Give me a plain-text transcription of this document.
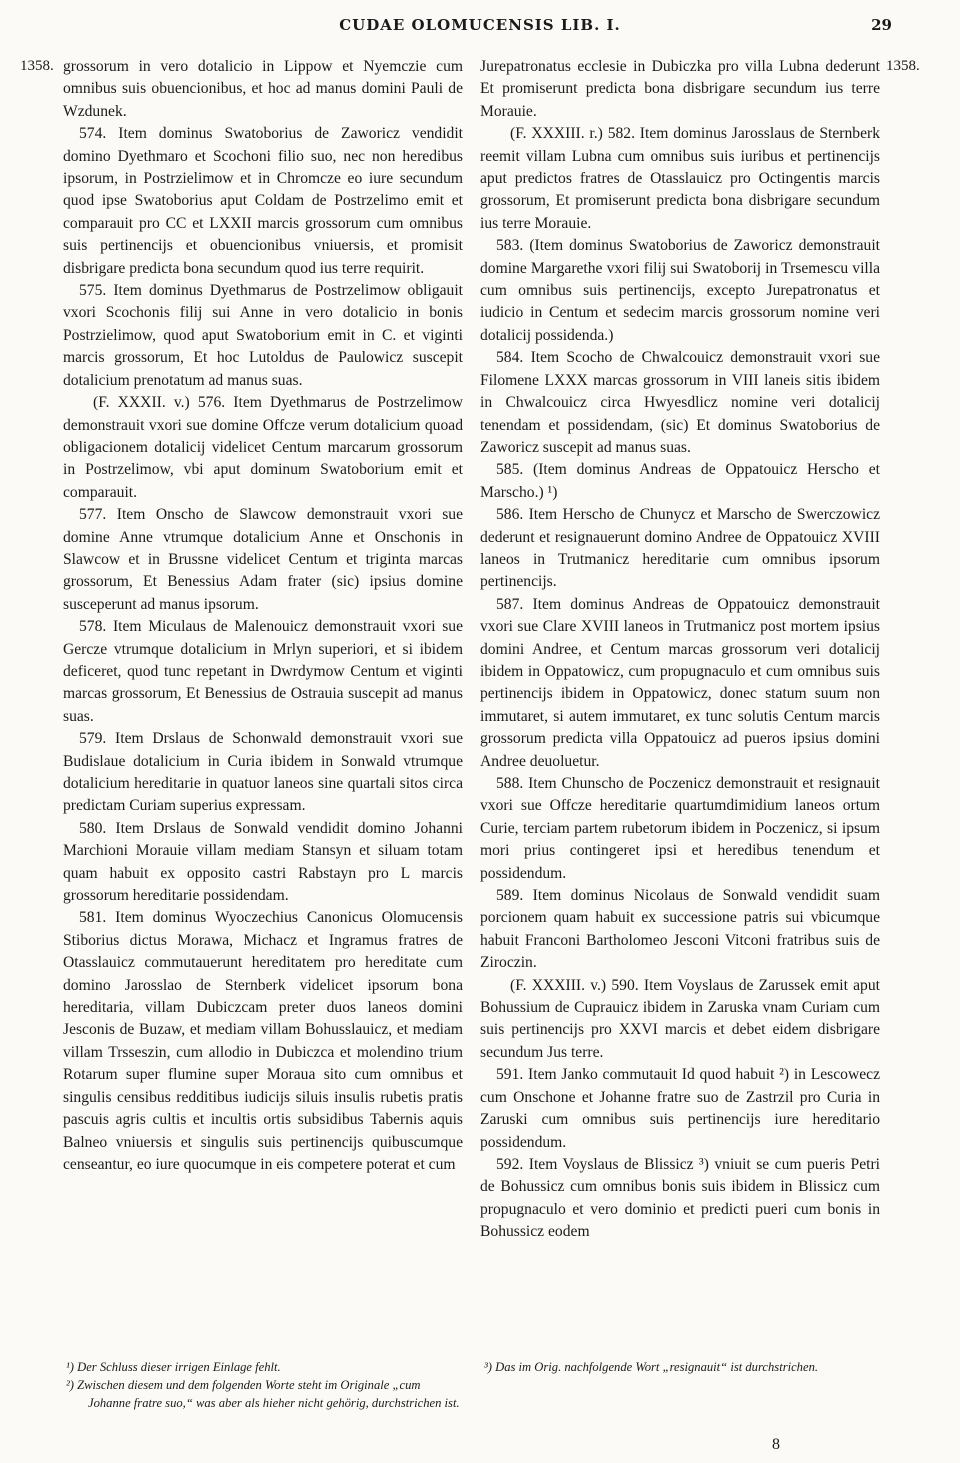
CUDAE OLOMUCENSIS LIB. I.	29
1358.	1358.

grossorum in vero dotalicio in Lippow et Nyemczie cum omnibus suis obuencionibus, et hoc ad manus domini Pauli de Wzdunek.

574. Item dominus Swatoborius de Zaworicz vendidit domino Dyethmaro et Scochoni filio suo, nec non heredibus ipsorum, in Postrzielimow et in Chromcze eo iure secundum quod ipse Swatoborius aput Coldam de Postrzelimo emit et comparauit pro CC et LXXII marcis grossorum cum omnibus suis pertinencijs et obuencionibus vniuersis, et promisit disbrigare predicta bona secundum quod ius terre requirit.

575. Item dominus Dyethmarus de Postrzelimow obligauit vxori Scochonis filij sui Anne in vero dotalicio in bonis Postrzielimow, quod aput Swatoborium emit in C. et viginti marcis grossorum, Et hoc Lutoldus de Paulowicz suscepit dotalicium prenotatum ad manus suas.

(F. XXXII. v.) 576. Item Dyethmarus de Postrzelimow demonstrauit vxori sue domine Offcze verum dotalicium quoad obligacionem dotalicij videlicet Centum marcarum grossorum in Postrzelimow, vbi aput dominum Swatoborium emit et comparauit.

577. Item Onscho de Slawcow demonstrauit vxori sue domine Anne vtrumque dotalicium Anne et Onschonis in Slawcow et in Brussne videlicet Centum et triginta marcas grossorum, Et Benessius Adam frater (sic) ipsius domine susceperunt ad manus ipsorum.

578. Item Miculaus de Malenouicz demonstrauit vxori sue Gercze vtrumque dotalicium in Mrlyn superiori, et si ibidem deficeret, quod tunc repetant in Dwrdymow Centum et viginti marcas grossorum, Et Benessius de Ostrauia suscepit ad manus suas.

579. Item Drslaus de Schonwald demonstrauit vxori sue Budislaue dotalicium in Curia ibidem in Sonwald vtrumque dotalicium hereditarie in quatuor laneos sine quartali sitos circa predictam Curiam superius expressam.

580. Item Drslaus de Sonwald vendidit domino Johanni Marchioni Morauie villam mediam Stansyn et siluam totam quam habuit ex opposito castri Rabstayn pro L marcis grossorum hereditarie possidendam.

581. Item dominus Wyoczechius Canonicus Olomucensis Stiborius dictus Morawa, Michacz et Ingramus fratres de Otasslauicz commutauerunt hereditatem pro hereditate cum domino Jarosslao de Sternberk videlicet ipsorum bona hereditaria, villam Dubiczcam preter duos laneos domini Jesconis de Buzaw, et mediam villam Bohusslauicz, et mediam villam Trsseszin, cum allodio in Dubiczca et molendino trium Rotarum super flumine super Moraua sito cum omnibus et singulis censibus redditibus iudicijs siluis insulis rubetis pratis pascuis agris cultis et incultis ortis subsidibus Tabernis aquis Balneo vniuersis et singulis suis pertinencijs quibuscumque censeantur, eo iure quocumque in eis competere poterat et cum

Jurepatronatus ecclesie in Dubiczka pro villa Lubna dederunt Et promiserunt predicta bona disbrigare secundum ius terre Morauie.

(F. XXXIII. r.) 582. Item dominus Jarosslaus de Sternberk reemit villam Lubna cum omnibus suis iuribus et pertinencijs aput predictos fratres de Otasslauicz pro Octingentis marcis grossorum, Et promiserunt predicta bona disbrigare secundum ius terre Morauie.

583. (Item dominus Swatoborius de Zaworicz demonstrauit domine Margarethe vxori filij sui Swatoborij in Trsemescu villa cum omnibus suis pertinencijs, excepto Jurepatronatus et iudicio in Centum et sedecim marcis grossorum nomine veri dotalicij possidenda.)

584. Item Scocho de Chwalcouicz demonstrauit vxori sue Filomene LXXX marcas grossorum in VIII laneis sitis ibidem in Chwalcouicz circa Hwyesdlicz nomine veri dotalicij tenendam et possidendam, (sic) Et dominus Swatoborius de Zaworicz suscepit ad manus suas.

585. (Item dominus Andreas de Oppatouicz Herscho et Marscho.) ¹)

586. Item Herscho de Chunycz et Marscho de Swerczowicz dederunt et resignauerunt domino Andree de Oppatouicz XVIII laneos in Trutmanicz hereditarie cum omnibus ipsorum pertinencijs.

587. Item dominus Andreas de Oppatouicz demonstrauit vxori sue Clare XVIII laneos in Trutmanicz post mortem ipsius domini Andree, et Centum marcas grossorum veri dotalicij ibidem in Oppatowicz, cum propugnaculo et cum omnibus suis pertinencijs ibidem in Oppatowicz, donec statum suum non immutaret, si autem immutaret, ex tunc solutis Centum marcis grossorum predicta villa Oppatouicz ad pueros ipsius domini Andree deuoluetur.

588. Item Chunscho de Poczenicz demonstrauit et resignauit vxori sue Offcze hereditarie quartumdimidium laneos ortum Curie, terciam partem rubetorum ibidem in Poczenicz, si ipsum mori prius contingeret ipsi et heredibus tenendum et possidendum.

589. Item dominus Nicolaus de Sonwald vendidit suam porcionem quam habuit ex successione patris sui vbicumque habuit Franconi Bartholomeo Jesconi Vitconi fratribus suis de Ziroczin.

(F. XXXIII. v.) 590. Item Voyslaus de Zarussek emit aput Bohussium de Cuprauicz ibidem in Zaruska vnam Curiam cum suis pertinencijs pro XXVI marcis et debet eidem disbrigare secundum Jus terre.

591. Item Janko commutauit Id quod habuit ²) in Lescowecz cum Onschone et Johanne fratre suo de Zastrzil pro Curia in Zaruski cum omnibus suis pertinencijs iure hereditario possidendum.

592. Item Voyslaus de Blissicz ³) vniuit se cum pueris Petri de Bohussicz cum omnibus bonis suis ibidem in Blissicz cum propugnaculo et vero dominio et predicti pueri cum bonis in Bohussicz eodem

¹) Der Schluss dieser irrigen Einlage fehlt.

²) Zwischen diesem und dem folgenden Worte steht im Originale „cum Johanne fratre suo,“ was aber als hieher nicht gehörig, durchstrichen ist.

³) Das im Orig. nachfolgende Wort „resignauit“ ist durchstrichen.

8
